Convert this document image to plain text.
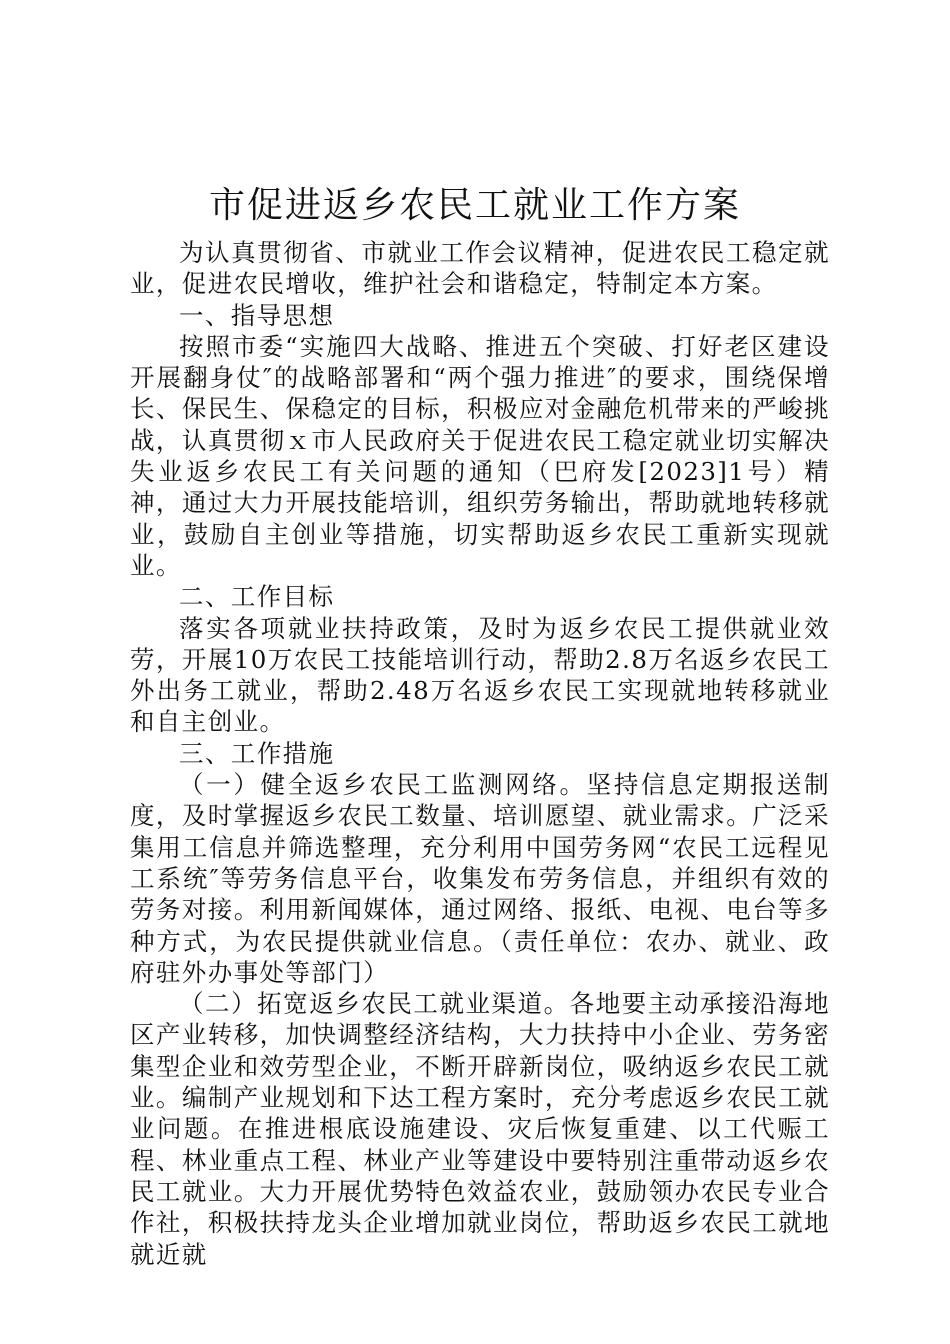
市促进返乡农民工就业工作方案

为认真贯彻省、市就业工作会议精神，促进农民工稳定就业，促进农民增收，维护社会和谐稳定，特制定本方案。

一、指导思想

按照市委“实施四大战略、推进五个突破、打好老区建设开展翻身仗″的战略部署和“两个强力推进″的要求，围绕保增长、保民生、保稳定的目标，积极应对金融危机带来的严峻挑战，认真贯彻ｘ市人民政府关于促进农民工稳定就业切实解决失业返乡农民工有关问题的通知（巴府发[2023]1号）精神，通过大力开展技能培训，组织劳务输出，帮助就地转移就业，鼓励自主创业等措施，切实帮助返乡农民工重新实现就业。

二、工作目标

落实各项就业扶持政策，及时为返乡农民工提供就业效劳，开展10万农民工技能培训行动，帮助2.8万名返乡农民工外出务工就业，帮助2.48万名返乡农民工实现就地转移就业和自主创业。

三、工作措施

（一）健全返乡农民工监测网络。坚持信息定期报送制度，及时掌握返乡农民工数量、培训愿望、就业需求。广泛采集用工信息并筛选整理，充分利用中国劳务网“农民工远程见工系统″等劳务信息平台，收集发布劳务信息，并组织有效的劳务对接。利用新闻媒体，通过网络、报纸、电视、电台等多种方式，为农民提供就业信息。（责任单位：农办、就业、政府驻外办事处等部门）

（二）拓宽返乡农民工就业渠道。各地要主动承接沿海地区产业转移，加快调整经济结构，大力扶持中小企业、劳务密集型企业和效劳型企业，不断开辟新岗位，吸纳返乡农民工就业。编制产业规划和下达工程方案时，充分考虑返乡农民工就业问题。在推进根底设施建设、灾后恢复重建、以工代赈工程、林业重点工程、林业产业等建设中要特别注重带动返乡农民工就业。大力开展优势特色效益农业，鼓励领办农民专业合作社，积极扶持龙头企业增加就业岗位，帮助返乡农民工就地就近就
